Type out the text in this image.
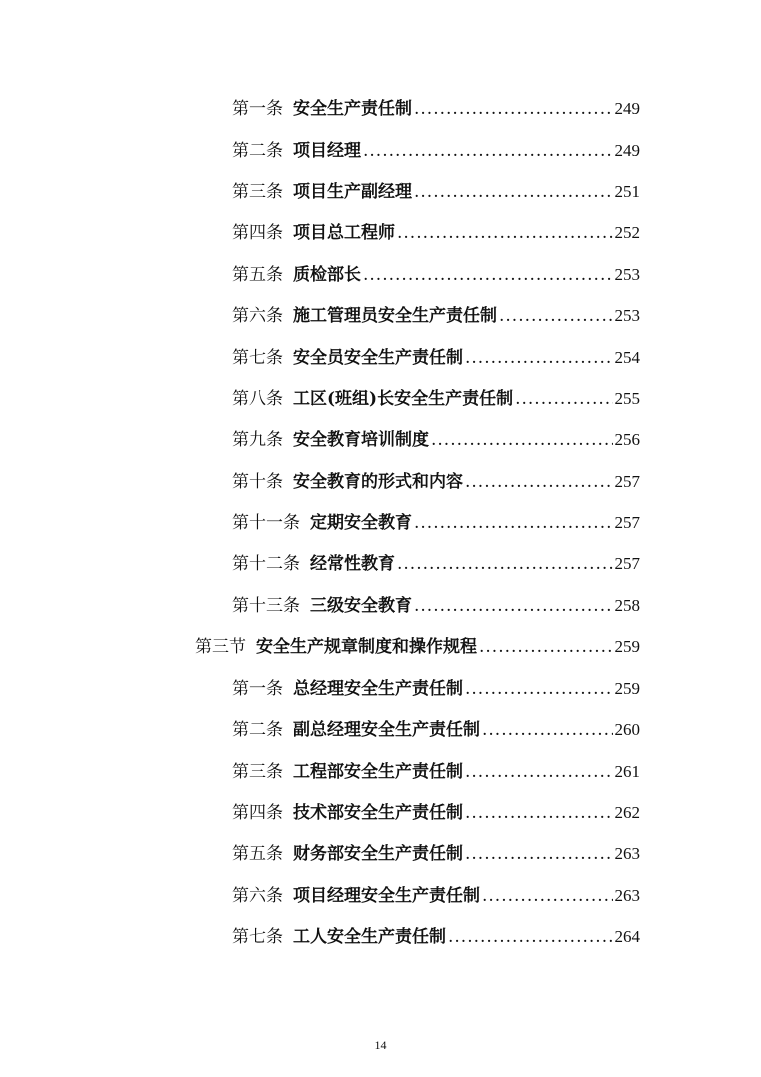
第一条 安全生产责任制 .....	249
第二条 项目经理 .....	249
第三条 项目生产副经理 .....	251
第四条 项目总工程师 .....	252
第五条 质检部长 .....	253
第六条 施工管理员安全生产责任制 .....	253
第七条 安全员安全生产责任制 .....	254
第八条 工区(班组)长安全生产责任制 .....	255
第九条 安全教育培训制度 .....	256
第十条 安全教育的形式和内容 .....	257
第十一条 定期安全教育 .....	257
第十二条 经常性教育 .....	257
第十三条 三级安全教育 .....	258
第三节 安全生产规章制度和操作规程 .....	259
第一条 总经理安全生产责任制 .....	259
第二条 副总经理安全生产责任制 .....	260
第三条 工程部安全生产责任制 .....	261
第四条 技术部安全生产责任制 .....	262
第五条 财务部安全生产责任制 .....	263
第六条 项目经理安全生产责任制 .....	263
第七条 工人安全生产责任制 .....	264
14
